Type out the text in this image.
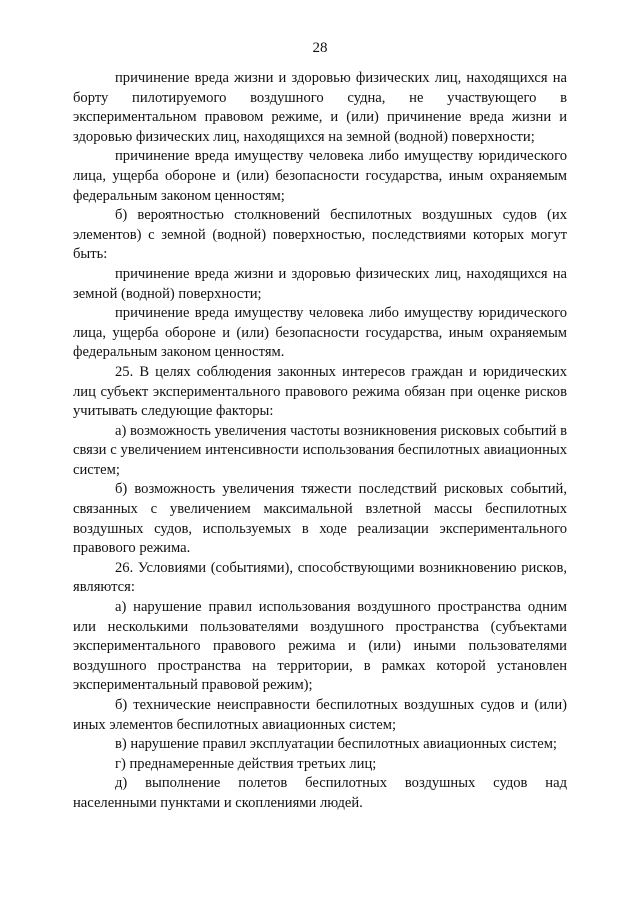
28

причинение вреда жизни и здоровью физических лиц, находящихся на борту пилотируемого воздушного судна, не участвующего в экспериментальном правовом режиме, и (или) причинение вреда жизни и здоровью физических лиц, находящихся на земной (водной) поверхности;

причинение вреда имуществу человека либо имуществу юридического лица, ущерба обороне и (или) безопасности государства, иным охраняемым федеральным законом ценностям;

б) вероятностью столкновений беспилотных воздушных судов (их элементов) с земной (водной) поверхностью, последствиями которых могут быть:

причинение вреда жизни и здоровью физических лиц, находящихся на земной (водной) поверхности;

причинение вреда имуществу человека либо имуществу юридического лица, ущерба обороне и (или) безопасности государства, иным охраняемым федеральным законом ценностям.

25. В целях соблюдения законных интересов граждан и юридических лиц субъект экспериментального правового режима обязан при оценке рисков учитывать следующие факторы:

а) возможность увеличения частоты возникновения рисковых событий в связи с увеличением интенсивности использования беспилотных авиационных систем;

б) возможность увеличения тяжести последствий рисковых событий, связанных с увеличением максимальной взлетной массы беспилотных воздушных судов, используемых в ходе реализации экспериментального правового режима.

26. Условиями (событиями), способствующими возникновению рисков, являются:

а) нарушение правил использования воздушного пространства одним или несколькими пользователями воздушного пространства (субъектами экспериментального правового режима и (или) иными пользователями воздушного пространства на территории, в рамках которой установлен экспериментальный правовой режим);

б) технические неисправности беспилотных воздушных судов и (или) иных элементов беспилотных авиационных систем;

в) нарушение правил эксплуатации беспилотных авиационных систем;

г) преднамеренные действия третьих лиц;

д) выполнение полетов беспилотных воздушных судов над населенными пунктами и скоплениями людей.
